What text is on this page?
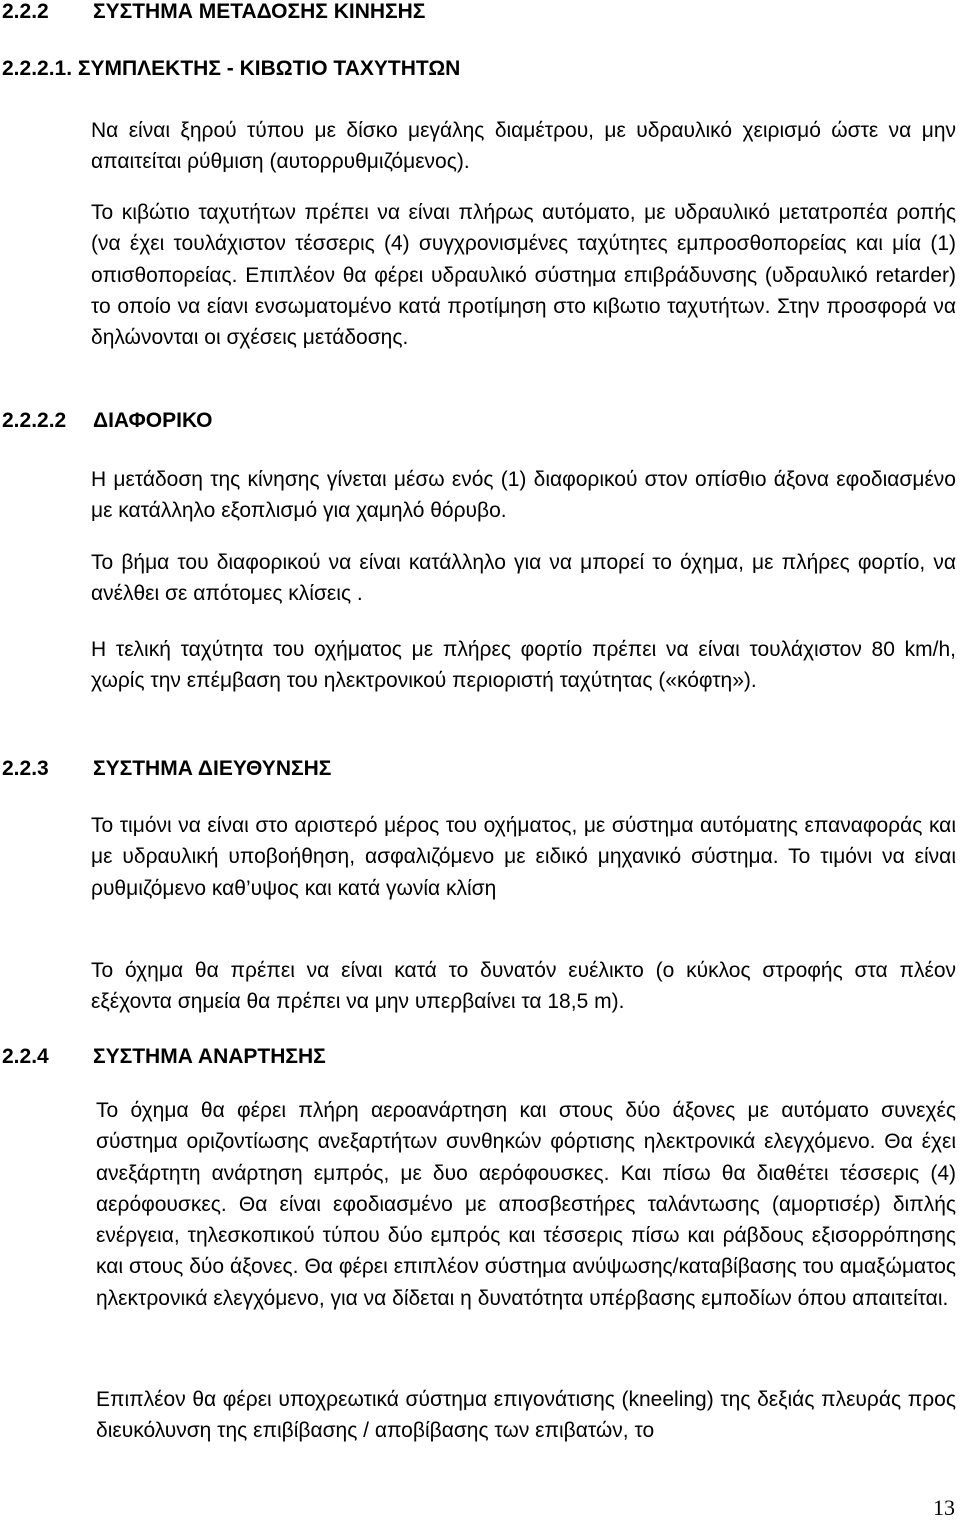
2.2.2 ΣΥΣΤΗΜΑ ΜΕΤΑΔΟΣΗΣ ΚΙΝΗΣΗΣ
2.2.2.1. ΣΥΜΠΛΕΚΤΗΣ - ΚΙΒΩΤΙΟ ΤΑΧΥΤΗΤΩΝ
Να είναι ξηρού τύπου με δίσκο μεγάλης διαμέτρου, με υδραυλικό χειρισμό ώστε να μην απαιτείται ρύθμιση (αυτορρυθμιζόμενος).
Το κιβώτιο ταχυτήτων πρέπει να είναι πλήρως αυτόματο, με υδραυλικό μετατροπέα ροπής (να έχει τουλάχιστον τέσσερις (4) συγχρονισμένες ταχύτητες εμπροσθοπορείας και μία (1) οπισθοπορείας. Επιπλέον θα φέρει υδραυλικό σύστημα επιβράδυνσης (υδραυλικό retarder) το οποίο να είανι ενσωματομένο κατά προτίμηση στο κιβωτιο ταχυτήτων. Στην προσφορά να δηλώνονται οι σχέσεις μετάδοσης.
2.2.2.2 ΔΙΑΦΟΡΙΚΟ
Η μετάδοση της κίνησης γίνεται μέσω ενός (1) διαφορικού στον οπίσθιο άξονα εφοδιασμένο με κατάλληλο εξοπλισμό για χαμηλό θόρυβο.
Το βήμα του διαφορικού να είναι κατάλληλο για να μπορεί το όχημα, με πλήρες φορτίο, να ανέλθει σε απότομες κλίσεις .
Η τελική ταχύτητα του οχήματος με πλήρες φορτίο πρέπει να είναι τουλάχιστον 80 km/h, χωρίς την επέμβαση του ηλεκτρονικού περιοριστή ταχύτητας («κόφτη»).
2.2.3 ΣΥΣΤΗΜΑ ΔΙΕΥΘΥΝΣΗΣ
Το τιμόνι να είναι στο αριστερό μέρος του οχήματος, με σύστημα αυτόματης επαναφοράς και με υδραυλική υποβοήθηση, ασφαλιζόμενο με ειδικό μηχανικό σύστημα. Το τιμόνι να είναι ρυθμιζόμενο καθ’υψος και κατά γωνία κλίση
Το όχημα θα πρέπει να είναι κατά το δυνατόν ευέλικτο (ο κύκλος στροφής στα πλέον εξέχοντα σημεία θα πρέπει να μην υπερβαίνει τα 18,5 m).
2.2.4 ΣΥΣΤΗΜΑ ΑΝΑΡΤΗΣΗΣ
Το όχημα θα φέρει πλήρη αεροανάρτηση και στους δύο άξονες με αυτόματο συνεχές σύστημα οριζοντίωσης ανεξαρτήτων συνθηκών φόρτισης ηλεκτρονικά ελεγχόμενο. Θα έχει ανεξάρτητη ανάρτηση εμπρός, με δυο αερόφουσκες. Και πίσω θα διαθέτει τέσσερις (4) αερόφουσκες. Θα είναι εφοδιασμένο με αποσβεστήρες ταλάντωσης (αμορτισέρ) διπλής ενέργεια, τηλεσκοπικού τύπου δύο εμπρός και τέσσερις πίσω και ράβδους εξισορρόπησης και στους δύο άξονες. Θα φέρει επιπλέον σύστημα ανύψωσης/καταβίβασης του αμαξώματος ηλεκτρονικά ελεγχόμενο, για να δίδεται η δυνατότητα υπέρβασης εμποδίων όπου απαιτείται.
Επιπλέον θα φέρει υποχρεωτικά σύστημα επιγονάτισης (kneeling) της δεξιάς πλευράς προς διευκόλυνση της επιβίβασης / αποβίβασης των επιβατών, το
13
